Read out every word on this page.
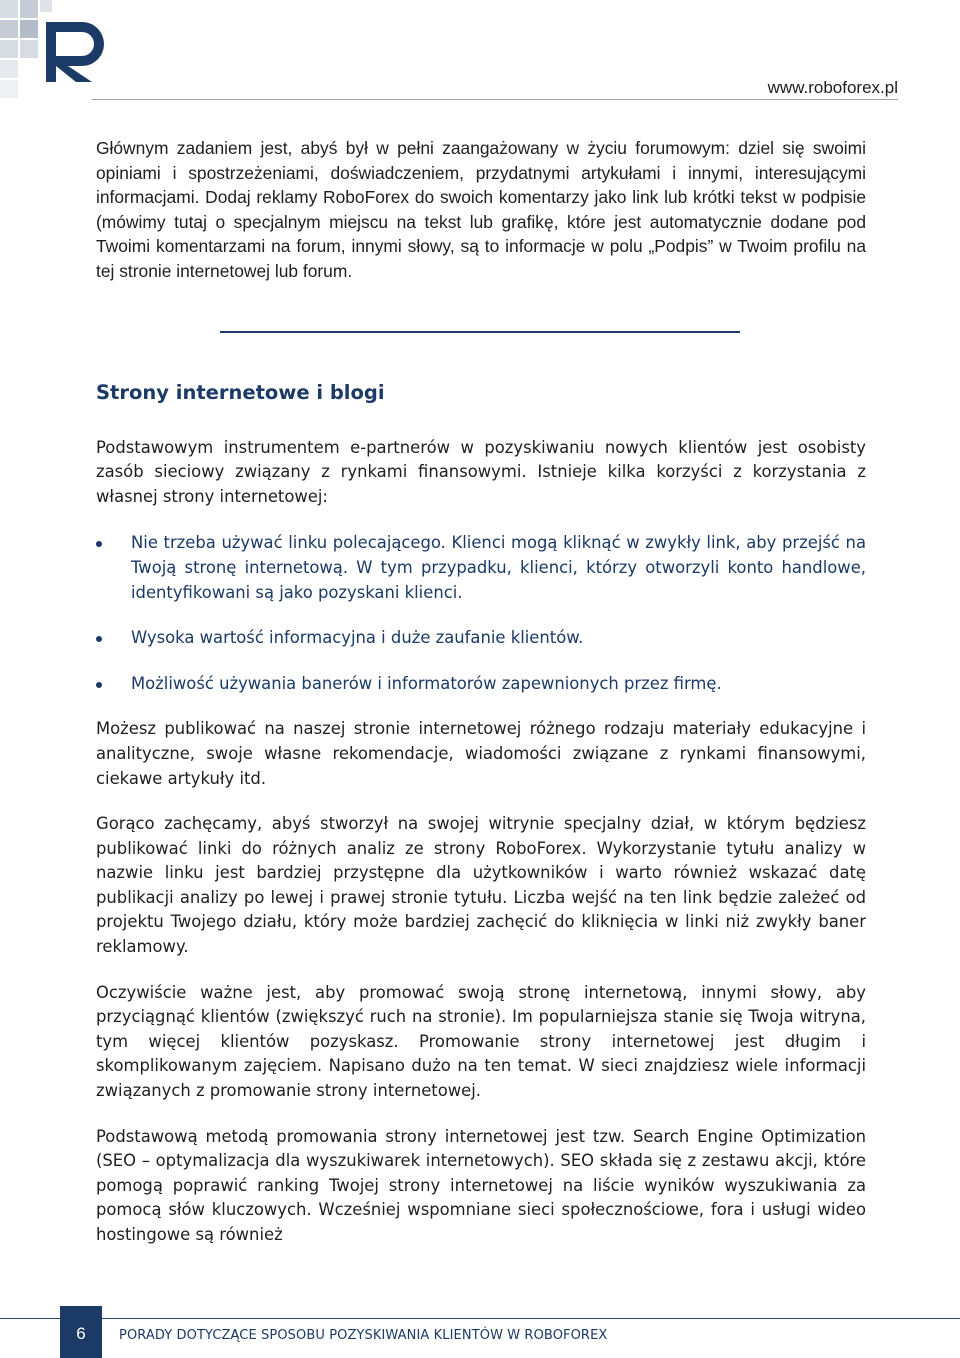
www.roboforex.pl

Głównym zadaniem jest, abyś był w pełni zaangażowany w życiu forumowym: dziel się swoimi opiniami i spostrzeżeniami, doświadczeniem, przydatnymi artykułami i innymi, interesującymi informacjami. Dodaj reklamy RoboForex do swoich komentarzy jako link lub krótki tekst w podpisie (mówimy tutaj o specjalnym miejscu na tekst lub grafikę, które jest automatycznie dodane pod Twoimi komentarzami na forum, innymi słowy, są to informacje w polu „Podpis” w Twoim profilu na tej stronie internetowej lub forum.

Strony internetowe i blogi

Podstawowym instrumentem e-partnerów w pozyskiwaniu nowych klientów jest osobisty zasób sieciowy związany z rynkami finansowymi. Istnieje kilka korzyści z korzystania z własnej strony internetowej:

Nie trzeba używać linku polecającego. Klienci mogą kliknąć w zwykły link, aby przejść na Twoją stronę internetową. W tym przypadku, klienci, którzy otworzyli konto handlowe, identyfikowani są jako pozyskani klienci.
Wysoka wartość informacyjna i duże zaufanie klientów.
Możliwość używania banerów i informatorów zapewnionych przez firmę.

Możesz publikować na naszej stronie internetowej różnego rodzaju materiały edukacyjne i analityczne, swoje własne rekomendacje, wiadomości związane z rynkami finansowymi, ciekawe artykuły itd.

Gorąco zachęcamy, abyś stworzył na swojej witrynie specjalny dział, w którym będziesz publikować linki do różnych analiz ze strony RoboForex. Wykorzystanie tytułu analizy w nazwie linku jest bardziej przystępne dla użytkowników i warto również wskazać datę publikacji analizy po lewej i prawej stronie tytułu. Liczba wejść na ten link będzie zależeć od projektu Twojego działu, który może bardziej zachęcić do kliknięcia w linki niż zwykły baner reklamowy.

Oczywiście ważne jest, aby promować swoją stronę internetową, innymi słowy, aby przyciągnąć klientów (zwiększyć ruch na stronie). Im popularniejsza stanie się Twoja witryna, tym więcej klientów pozyskasz. Promowanie strony internetowej jest długim i skomplikowanym zajęciem. Napisano dużo na ten temat. W sieci znajdziesz wiele informacji związanych z promowanie strony internetowej.

Podstawową metodą promowania strony internetowej jest tzw. Search Engine Optimization (SEO – optymalizacja dla wyszukiwarek internetowych). SEO składa się z zestawu akcji, które pomogą poprawić ranking Twojej strony internetowej na liście wyników wyszukiwania za pomocą słów kluczowych. Wcześniej wspomniane sieci społecznościowe, fora i usługi wideo hostingowe są również

6	PORADY DOTYCZĄCE SPOSOBU POZYSKIWANIA KLIENTÓW W ROBOFOREX
